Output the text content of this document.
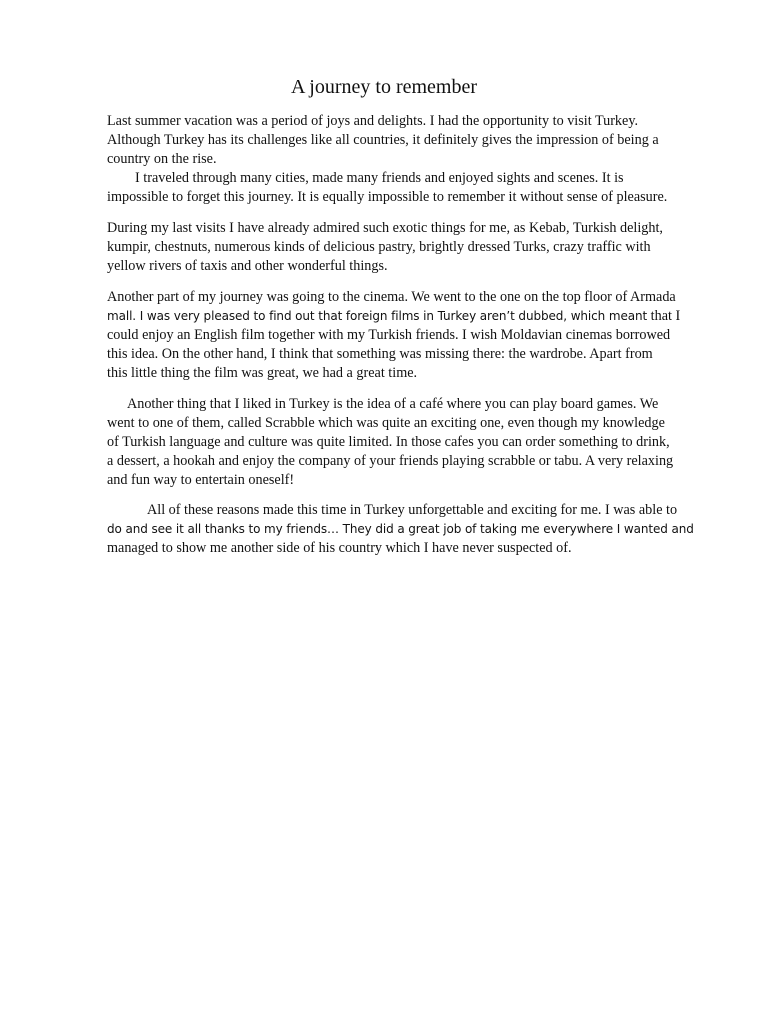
A journey to remember
Last summer vacation was a period of joys and delights. I had the opportunity to visit Turkey.
Although Turkey has its challenges like all countries, it definitely gives the impression of being a
country on the rise.
I traveled through many cities, made many friends and enjoyed sights and scenes. It is
impossible to forget this journey. It is equally impossible to remember it without sense of pleasure.
During my last visits I have already admired such exotic things for me, as Kebab, Turkish delight,
kumpir, chestnuts, numerous kinds of delicious pastry, brightly dressed Turks, crazy traffic with
yellow rivers of taxis and other wonderful things.
Another part of my journey was going to the cinema. We went to the one on the top floor of Armada
mall. I was very pleased to find out that foreign films in Turkey aren’t dubbed, which meant that I
could enjoy an English film together with my Turkish friends. I wish Moldavian cinemas borrowed
this idea. On the other hand, I think that something was missing there: the wardrobe. Apart from
this little thing the film was great, we had a great time.
Another thing that I liked in Turkey is the idea of a café where you can play board games. We
went to one of them, called Scrabble which was quite an exciting one, even though my knowledge
of Turkish language and culture was quite limited. In those cafes you can order something to drink,
a dessert, a hookah and enjoy the company of your friends playing scrabble or tabu. A very relaxing
and fun way to entertain oneself!
All of these reasons made this time in Turkey unforgettable and exciting for me. I was able to
do and see it all thanks to my friends… They did a great job of taking me everywhere I wanted and
managed to show me another side of his country which I have never suspected of.
